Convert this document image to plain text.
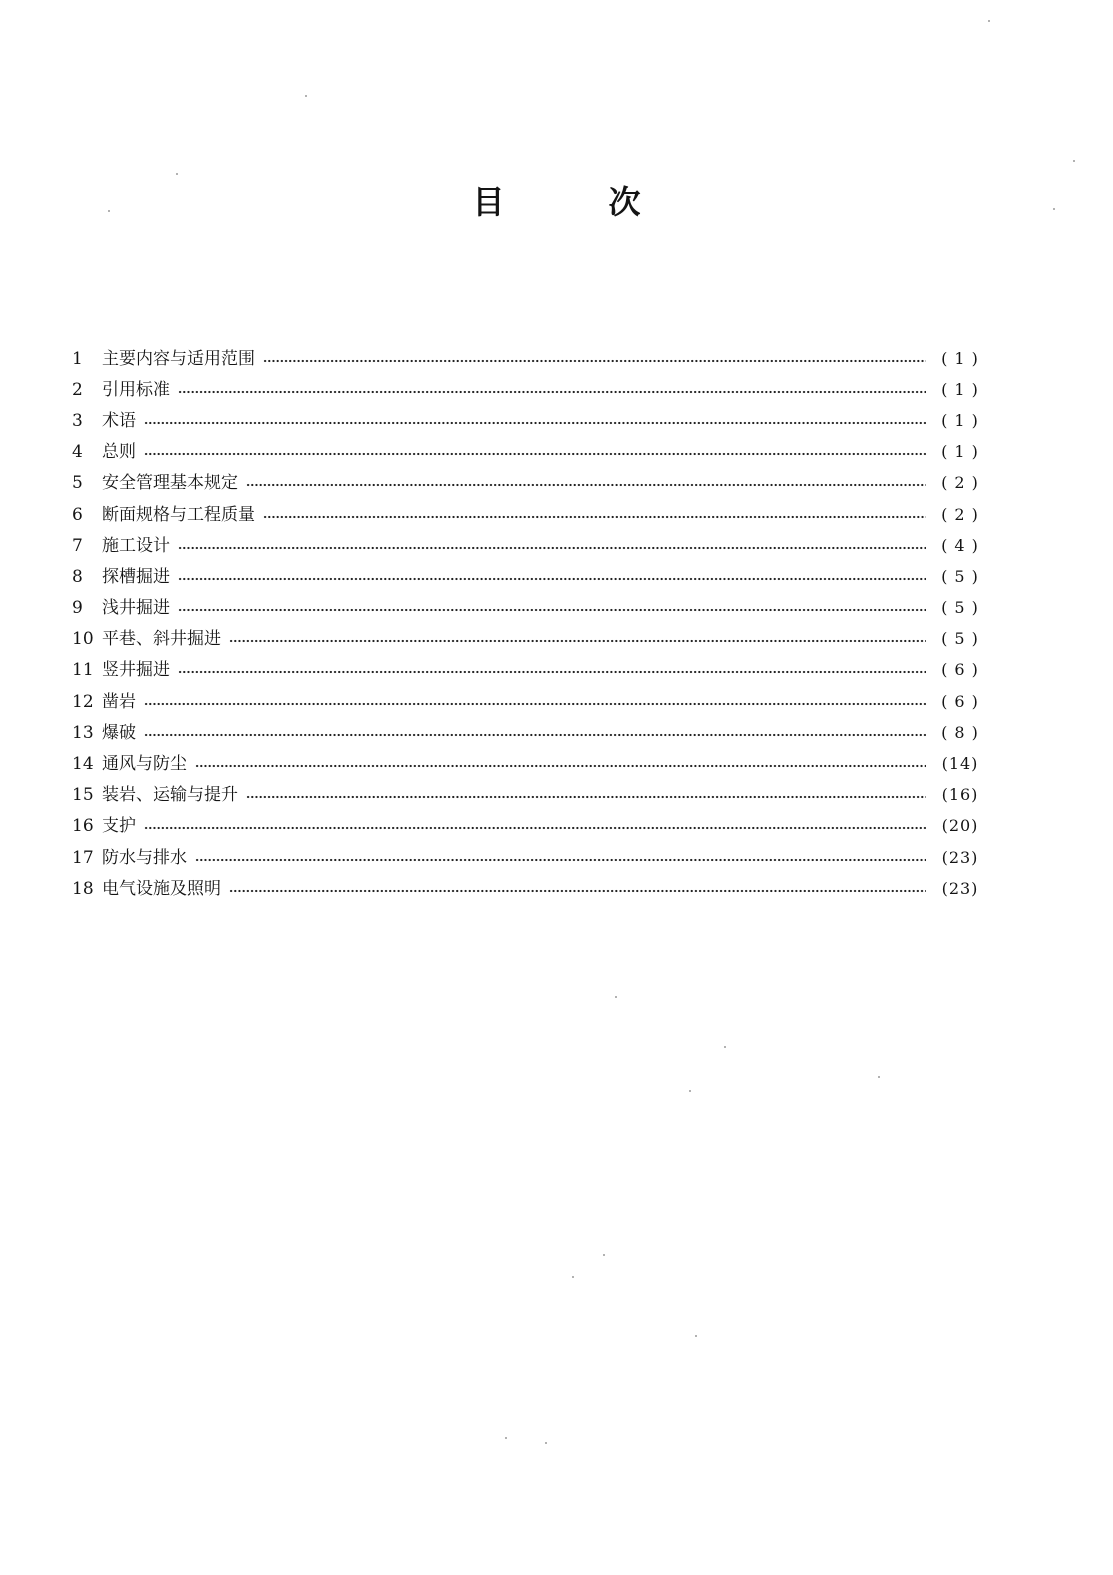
目	次
1	主要内容与适用范围	( 1 )
2	引用标准	( 1 )
3	术语	( 1 )
4	总则	( 1 )
5	安全管理基本规定	( 2 )
6	断面规格与工程质量	( 2 )
7	施工设计	( 4 )
8	探槽掘进	( 5 )
9	浅井掘进	( 5 )
10 平巷、斜井掘进	( 5 )
11 竖井掘进	( 6 )
12 凿岩	( 6 )
13 爆破	( 8 )
14 通风与防尘	(14)
15 装岩、运输与提升	(16)
16 支护	(20)
17 防水与排水	(23)
18 电气设施及照明	(23)
